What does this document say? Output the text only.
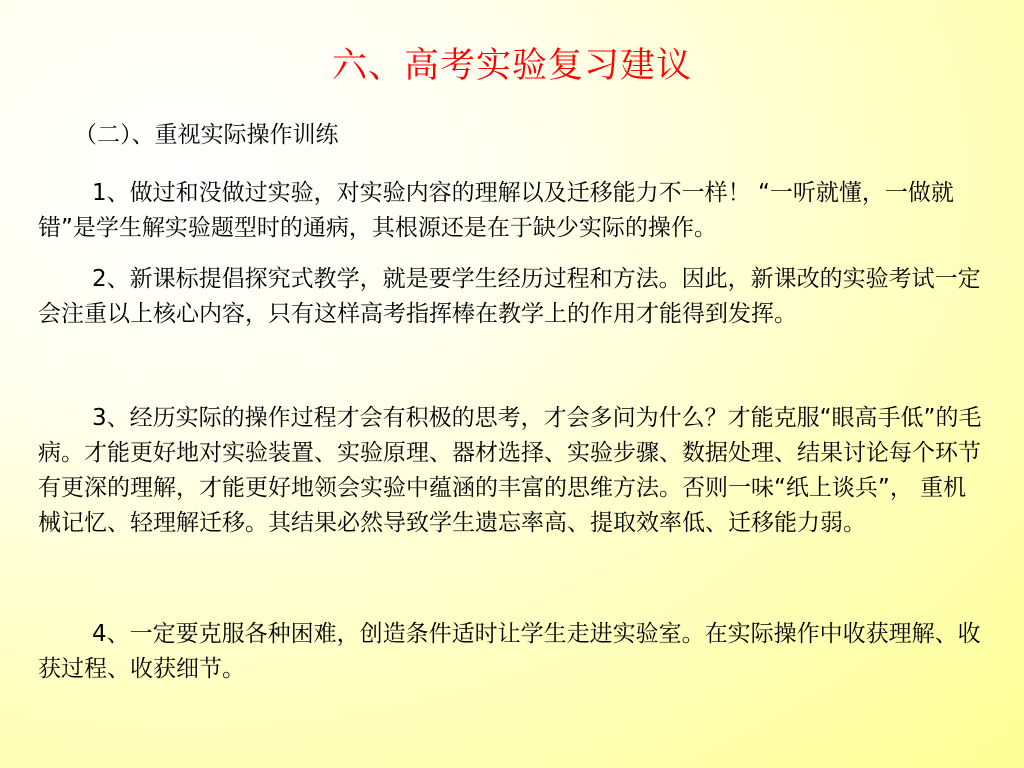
六、高考实验复习建议
（二）、重视实际操作训练

1、做过和没做过实验，对实验内容的理解以及迁移能力不一样！ “一听就懂，一做就错”是学生解实验题型时的通病，其根源还是在于缺少实际的操作。

2、新课标提倡探究式教学，就是要学生经历过程和方法。因此，新课改的实验考试一定会注重以上核心内容，只有这样高考指挥棒在教学上的作用才能得到发挥。

3、经历实际的操作过程才会有积极的思考，才会多问为什么？才能克服“眼高手低”的毛病。才能更好地对实验装置、实验原理、器材选择、实验步骤、数据处理、结果讨论每个环节有更深的理解，才能更好地领会实验中蕴涵的丰富的思维方法。否则一味“纸上谈兵”， 重机械记忆、轻理解迁移。其结果必然导致学生遗忘率高、提取效率低、迁移能力弱。

4、一定要克服各种困难，创造条件适时让学生走进实验室。在实际操作中收获理解、收获过程、收获细节。
